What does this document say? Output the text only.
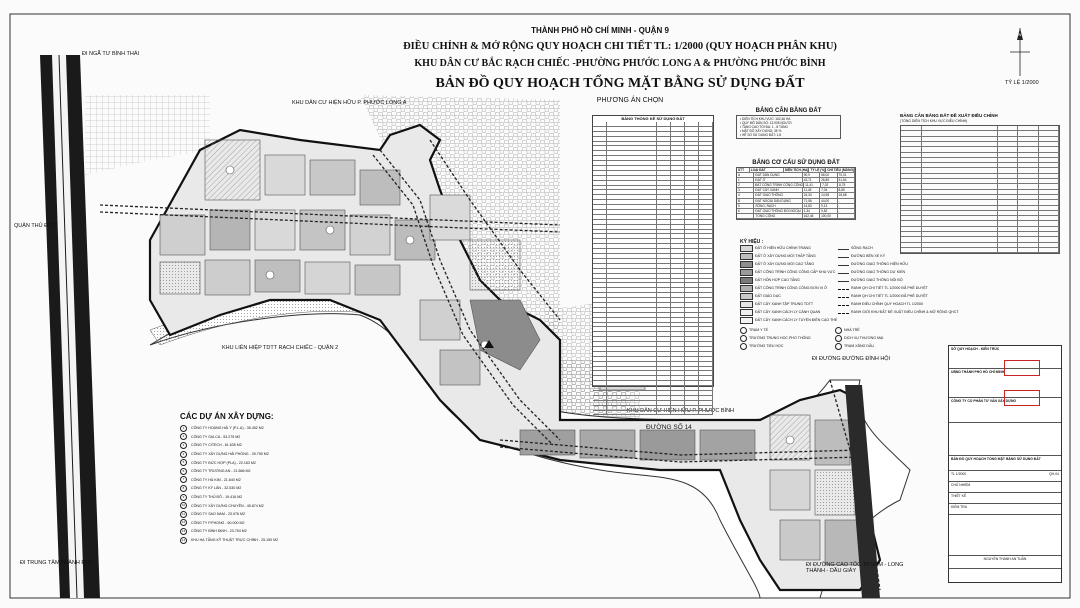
THÀNH PHỐ HỒ CHÍ MINH - QUẬN 9
ĐIỀU CHỈNH & MỞ RỘNG QUY HOẠCH CHI TIẾT TL: 1/2000 (QUY HOẠCH PHÂN KHU)
KHU DÂN CƯ BẮC RẠCH CHIẾC -PHƯỜNG PHƯỚC LONG A & PHƯỜNG PHƯỚC BÌNH
BẢN ĐỒ QUY HOẠCH TỔNG MẶT BẰNG SỬ DỤNG ĐẤT
PHƯƠNG ÁN CHỌN
ĐI NGÃ TƯ BÌNH THÁI
KHU DÂN CƯ HIỆN HỮU P. PHƯỚC LONG A
QUẬN THỦ ĐỨC
KHU LIÊN HIỆP TDTT RẠCH CHIẾC - QUẬN 2
KHU DÂN CƯ HIỆN HỮU P. PHƯỚC BÌNH
ĐƯỜNG SỐ 14
ĐI ĐƯỜNG ĐƯỜNG ĐÌNH HỘI
ĐI TRUNG TÂM THÀNH PHỐ	ĐI ĐƯỜNG CAO TỐC TP.HCM - LONG THÀNH - DẦU GIÂY
TỶ LỆ 1/2000
N
CÁC DỰ ÁN XÂY DỰNG:
1	CÔNG TY HOÀNG HẢI Ý (P.L.A) - 35.452 M2
2	CÔNG TY GIA CA - 53.275 M2
3	CÔNG TY CITECH - 61.635 M2
4	CÔNG TY XÂY DỰNG HẢI PHÒNG - 39.790 M2
5	CÔNG TY ĐỨC HỢP (PLA) - 22.163 M2
6	CÔNG TY TRƯỜNG AN - 21.666 M2
7	CÔNG TY HÀ KIM - 21.640 M2
8	CÔNG TY KỲ LÂN - 32.530 M2
9	CÔNG TY THỦ ĐÔ - 19.416 M2
10	CÔNG TY XÂY DỰNG CHUYÊN - 45.874 M2
11	CÔNG TY SAO NAM - 23.076 M2
12	CÔNG TY P.PHONG - 60.000 M2
13	CÔNG TY BÌNH ĐỊNH - 23.754 M2
14	KHU HẠ TẦNG KỸ THUẬT TRỰC CHÍNH - 25.150 M2
BẢNG THỐNG KÊ SỬ DỤNG ĐẤT
BẢNG CÂN BẰNG ĐẤT
• DIỆN TÍCH KHU VỰC: 162,46 HA
• QUY MÔ DÂN SỐ: 13.905 NGƯỜI
• TẦNG CAO TỐI ĐA: 1 - 8 TẦNG
• MẬT ĐỘ XÂY DỰNG: 35 %
• HỆ SỐ SỬ DỤNG ĐẤT: 1,8
BẢNG CƠ CẤU SỬ DỤNG ĐẤT
STT	LOẠI ĐẤT	DIỆN TÍCH (HA) TỶ LỆ (%) CHỈ TIÊU (M2/NG)
A	ĐẤT DÂN DỤNG	90,9	56,00	70,01
1	ĐẤT Ở	43,71	26,89	31,64
2	ĐẤT CÔNG TRÌNH CÔNG CỘNG 11,41	7,02	8,75
3	ĐẤT CÂY XANH	11,45	7,04	8,85
4	ĐẤT GIAO THÔNG	24,34	14,98	18,68
B	ĐẤT NGOÀI DÂN DỤNG	71,56	44,00	-
5	SÔNG, RẠCH	14,83	9,13	-
6	ĐẤT GIAO THÔNG ĐỐI NGOẠI 1,34	0,82	-
TỔNG CỘNG	162,46	100,00
KÝ HIỆU :
ĐẤT Ở HIỆN HỮU CHỈNH TRANG
ĐẤT Ở XÂY DỰNG MỚI THẤP TẦNG
ĐẤT Ở XÂY DỰNG MỚI CAO TẦNG
ĐẤT CÔNG TRÌNH CÔNG CỘNG CẤP KHU VỰC
ĐẤT HỖN HỢP CAO TẦNG
ĐẤT CÔNG TRÌNH CÔNG CỘNG ĐƠN VỊ Ở
ĐẤT GIÁO DỤC
ĐẤT CÂY XANH TẬP TRUNG TDTT
ĐẤT CÂY XANH CÁCH LY CẢNH QUAN
ĐẤT CÂY XANH CÁCH LY TUYẾN ĐIỆN CAO THẾ
SÔNG RẠCH
ĐƯỜNG BÊN XE KÝ
ĐƯỜNG GIAO THÔNG HIỆN HỮU
ĐƯỜNG GIAO THÔNG DỰ KIẾN
ĐƯỜNG GIAO THÔNG NỘI BỘ
RANH QH CHI TIẾT TL 1/2000 ĐÃ PHÊ DUYỆT
RANH QH CHI TIẾT TL 1/2000 ĐÃ PHÊ DUYỆT
RANH ĐIỀU CHỈNH QUY HOẠCH TL 1/2000
RANH GIỚI KHU ĐẤT ĐỀ XUẤT ĐIỀU CHỈNH & MỞ RỘNG QHCT
TRẠM Y TẾ	NHÀ TRẺ
TRƯỜNG TRUNG HỌC PHỔ THÔNG	DỊCH VỤ THƯƠNG MẠI
TRƯỜNG TIỂU HỌC	TRẠM XĂNG DẦU
BẢNG CÂN BẰNG ĐẤT ĐỀ XUẤT ĐIỀU CHỈNH
(TỔNG DIỆN TÍCH KHU VỰC ĐIỀU CHỈNH)
SỞ QUY HOẠCH - KIẾN TRÚC
UBND THÀNH PHỐ HỒ CHÍ MINH
CÔNG TY CỔ PHẦN TƯ VẤN XÂY DỰNG
BẢN ĐỒ QUY HOẠCH TỔNG MẶT BẰNG SỬ DỤNG ĐẤT
TL 1/2000	QH-04
CHỦ NHIỆM
THIẾT KẾ
KIỂM TRA
NGUYỄN THANH AN TUẤN
